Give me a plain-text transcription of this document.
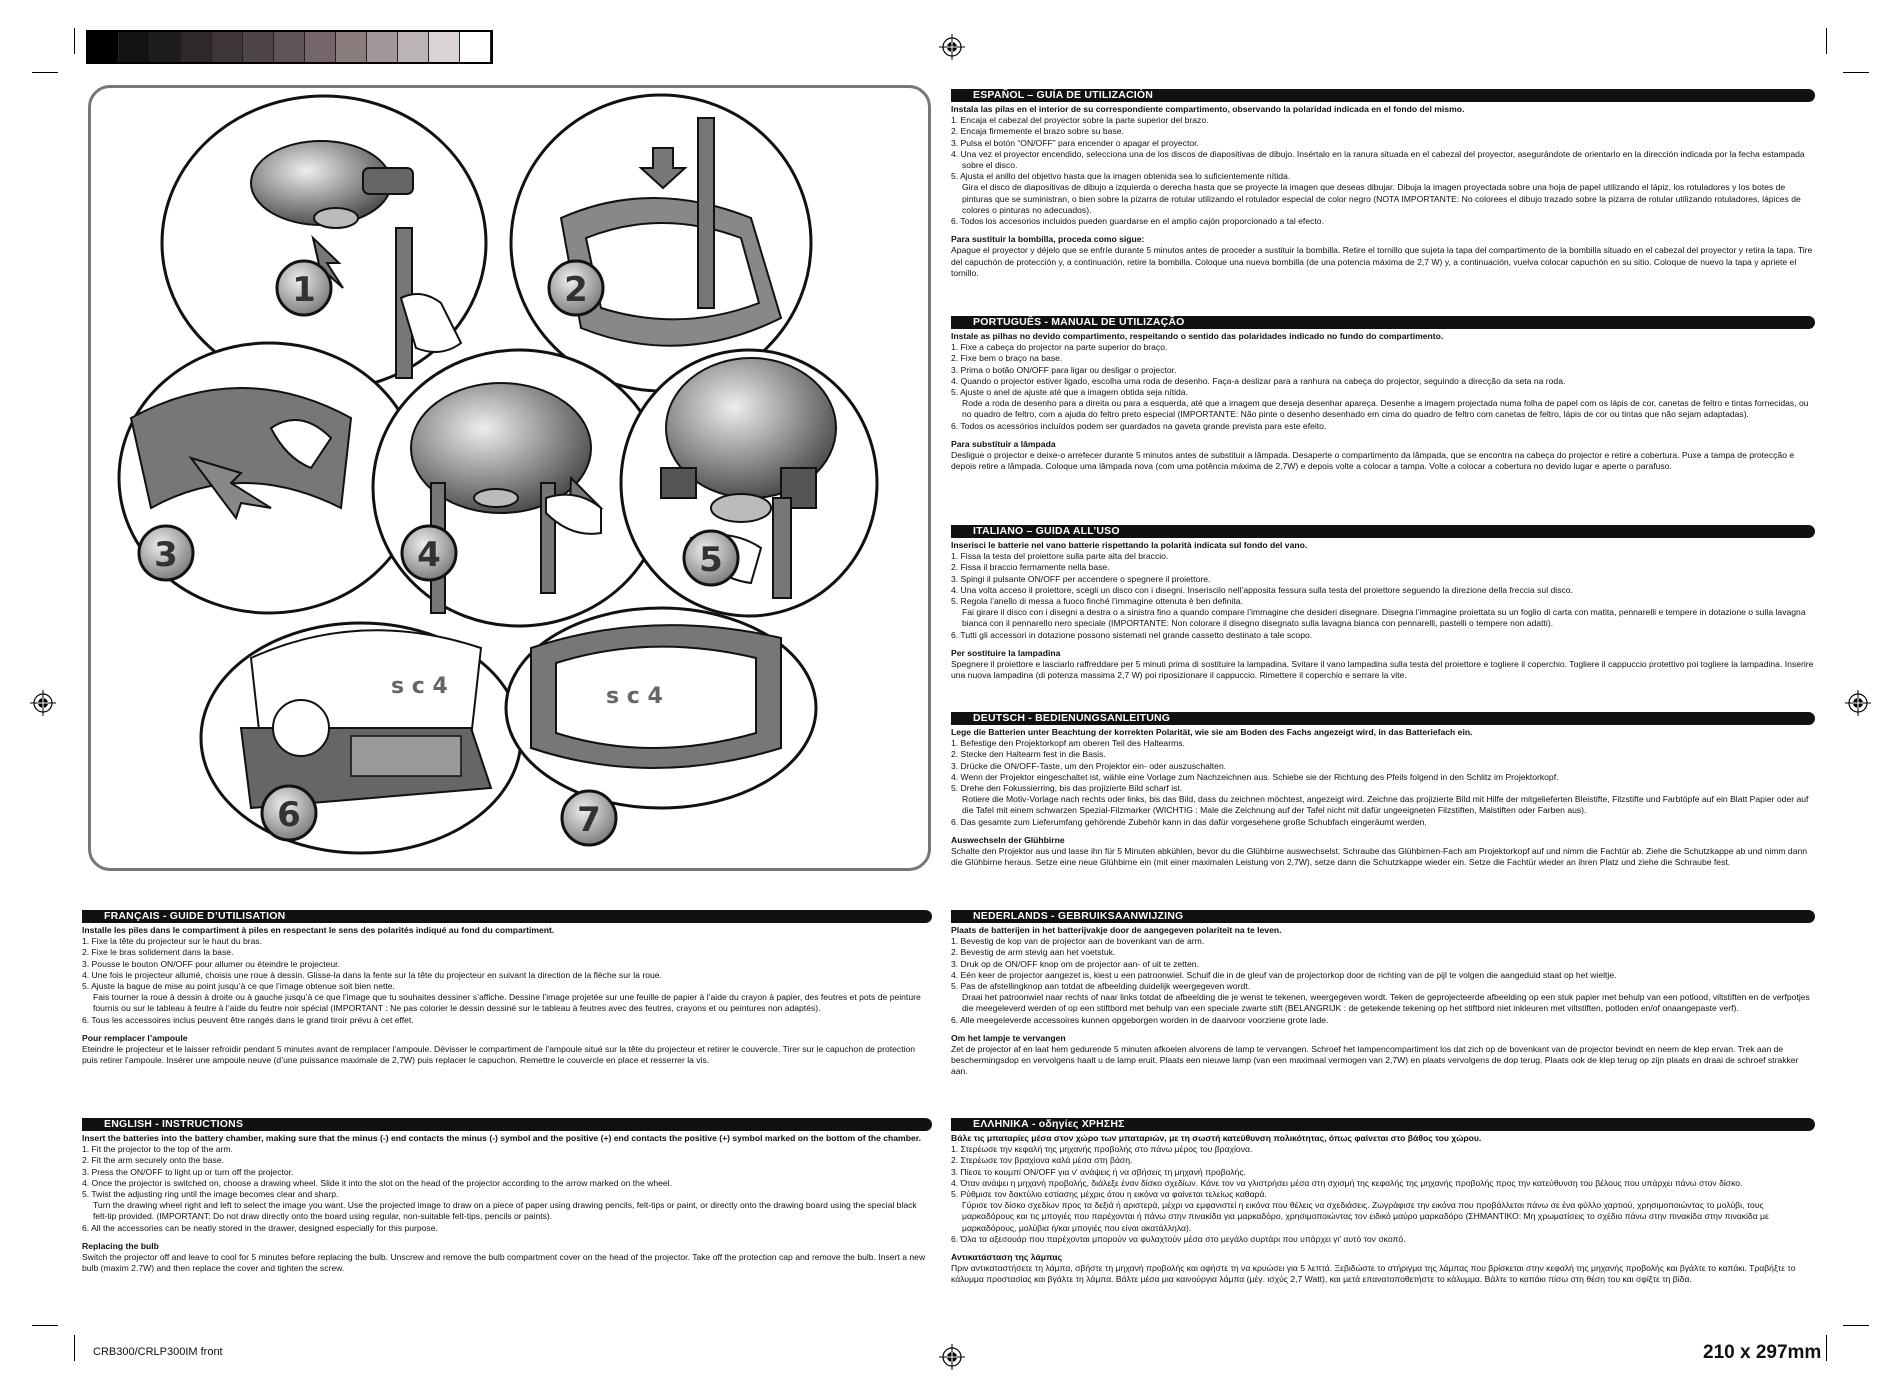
s c 4	s c 4
1	2
3	4	5
6	7
ESPAÑOL – GUÍA DE UTILIZACIÓN
Instala las pilas en el interior de su correspondiente compartimento, observando la polaridad indicada en el fondo del mismo.
1. Encaja el cabezal del proyector sobre la parte superior del brazo.
2. Encaja firmemente el brazo sobre su base.
3. Pulsa el botón “ON/OFF” para encender o apagar el proyector.
4. Una vez el proyector encendido, selecciona una de los discos de diapositivas de dibujo. Insértalo en la ranura situada en el cabezal del proyector, asegurándote de orientarlo en la dirección indicada por la fecha estampada sobre el disco.
5. Ajusta el anillo del objetivo hasta que la imagen obtenida sea lo suficientemente nítida.
Gira el disco de diapositivas de dibujo a izquierda o derecha hasta que se proyecte la imagen que deseas dibujar. Dibuja la imagen proyectada sobre una hoja de papel utilizando el lápiz, los rotuladores y los botes de pinturas que se suministran, o bien sobre la pizarra de rotular utilizando el rotulador especial de color negro (NOTA IMPORTANTE: No colorees el dibujo trazado sobre la pizarra de rotular utilizando rotuladores, lápices de colores o pinturas no adecuados).
6. Todos los accesorios incluidos pueden guardarse en el amplio cajón proporcionado a tal efecto.
Para sustituir la bombilla, proceda como sigue:
Apague el proyector y déjelo que se enfríe durante 5 minutos antes de proceder a sustituir la bombilla. Retire el tornillo que sujeta la tapa del compartimento de la bombilla situado en el cabezal del proyector y retira la tapa. Tire del capuchón de protección y, a continuación, retire la bombilla. Coloque una nueva bombilla (de una potencia máxima de 2,7 W) y, a continuación, vuelva colocar capuchón en su sitio. Coloque de nuevo la tapa y apriete el tornillo.
PORTUGUÊS - MANUAL DE UTILIZAÇÃO
Instale as pilhas no devido compartimento, respeitando o sentido das polaridades indicado no fundo do compartimento.
1. Fixe a cabeça do projector na parte superior do braço.
2. Fixe bem o braço na base.
3. Prima o botão ON/OFF para ligar ou desligar o projector.
4. Quando o projector estiver ligado, escolha uma roda de desenho. Faça-a deslizar para a ranhura na cabeça do projector, seguindo a direcção da seta na roda.
5. Ajuste o anel de ajuste até que a imagem obtida seja nítida.
Rode a roda de desenho para a direita ou para a esquerda, até que a imagem que deseja desenhar apareça. Desenhe a imagem projectada numa folha de papel com os lápis de cor, canetas de feltro e tintas fornecidas, ou no quadro de feltro, com a ajuda do feltro preto especial (IMPORTANTE: Não pinte o desenho desenhado em cima do quadro de feltro com canetas de feltro, lápis de cor ou tintas que não sejam adaptadas).
6. Todos os acessórios incluídos podem ser guardados na gaveta grande prevista para este efeito.
Para substituir a lâmpada
Desligue o projector e deixe-o arrefecer durante 5 minutos antes de substituir a lâmpada. Desaperte o compartimento da lâmpada, que se encontra na cabeça do projector e retire a cobertura. Puxe a tampa de protecção e depois retire a lâmpada. Coloque uma lâmpada nova (com uma potência máxima de 2,7W) e depois volte a colocar a tampa. Volte a colocar a cobertura no devido lugar e aperte o parafuso.
ITALIANO – GUIDA ALL’USO
Inserisci le batterie nel vano batterie rispettando la polarità indicata sul fondo del vano.
1. Fissa la testa del proiettore sulla parte alta del braccio.
2. Fissa il braccio fermamente nella base.
3. Spingi il pulsante ON/OFF per accendere o spegnere il proiettore.
4. Una volta acceso il proiettore, scegli un disco con i disegni. Inseriscilo nell’apposita fessura sulla testa del proiettore seguendo la direzione della freccia sul disco.
5. Regola l’anello di messa a fuoco finché l’immagine ottenuta è ben definita.
Fai girare il disco con i disegni a destra o a sinistra fino a quando compare l’immagine che desideri disegnare. Disegna l’immagine proiettata su un foglio di carta con matita, pennarelli e tempere in dotazione o sulla lavagna bianca con il pennarello nero speciale (IMPORTANTE: Non colorare il disegno disegnato sulla lavagna bianca con pennarelli, pastelli o tempere non adatti).
6. Tutti gli accessori in dotazione possono sistemati nel grande cassetto destinato a tale scopo.
Per sostituire la lampadina
Spegnere il proiettore e lasciarlo raffreddare per 5 minuti prima di sostituire la lampadina. Svitare il vano lampadina sulla testa del proiettore e togliere il coperchio. Togliere il cappuccio protettivo poi togliere la lampadina. Inserire una nuova lampadina (di potenza massima 2,7 W) poi riposizionare il cappuccio. Rimettere il coperchio e serrare la vite.
DEUTSCH - BEDIENUNGSANLEITUNG
Lege die Batterien unter Beachtung der korrekten Polarität, wie sie am Boden des Fachs angezeigt wird, in das Batteriefach ein.
1. Befestige den Projektorkopf am oberen Teil des Haltearms.
2. Stecke den Haltearm fest in die Basis.
3. Drücke die ON/OFF-Taste, um den Projektor ein- oder auszuschalten.
4. Wenn der Projektor eingeschaltet ist, wähle eine Vorlage zum Nachzeichnen aus. Schiebe sie der Richtung des Pfeils folgend in den Schlitz im Projektorkopf.
5. Drehe den Fokussierring, bis das projizierte Bild scharf ist.
Rotiere die Motiv-Vorlage nach rechts oder links, bis das Bild, dass du zeichnen möchtest, angezeigt wird. Zeichne das projizierte Bild mit Hilfe der mitgelieferten Bleistifte, Filzstifte und Farbtöpfe auf ein Blatt Papier oder auf die Tafel mit einem schwarzen Spezial-Filzmarker (WICHTIG : Male die Zeichnung auf der Tafel nicht mit dafür ungeeigneten Filzstiften, Malstiften oder Farben aus).
6. Das gesamte zum Lieferumfang gehörende Zubehör kann in das dafür vorgesehene große Schubfach eingeräumt werden.
Auswechseln der Glühbirne
Schalte den Projektor aus und lasse ihn für 5 Minuten abkühlen, bevor du die Glühbirne auswechselst. Schraube das Glühbirnen-Fach am Projektorkopf auf und nimm die Fachtür ab. Ziehe die Schutzkappe ab und nimm dann die Glühbirne heraus. Setze eine neue Glühbirne ein (mit einer maximalen Leistung von 2,7W), setze dann die Schutzkappe wieder ein. Setze die Fachtür wieder an ihren Platz und ziehe die Schraube fest.
FRANÇAIS - GUIDE D’UTILISATION
Installe les piles dans le compartiment à piles en respectant le sens des polarités indiqué au fond du compartiment.
1. Fixe la tête du projecteur sur le haut du bras.
2. Fixe le bras solidement dans la base.
3. Pousse le bouton ON/OFF pour allumer ou éteindre le projecteur.
4. Une fois le projecteur allumé, choisis une roue à dessin. Glisse-la dans la fente sur la tête du projecteur en suivant la direction de la flèche sur la roue.
5. Ajuste la bague de mise au point jusqu’à ce que l’image obtenue soit bien nette.
Fais tourner la roue à dessin à droite ou à gauche jusqu’à ce que l’image que tu souhaites dessiner s’affiche. Dessine l’image projetée sur une feuille de papier à l’aide du crayon à papier, des feutres et pots de peinture fournis ou sur le tableau à feutre à l’aide du feutre noir spécial (IMPORTANT : Ne pas colorier le dessin dessiné sur le tableau à feutres avec des feutres, crayons et ou peintures non adaptés).
6. Tous les accessoires inclus peuvent être rangés dans le grand tiroir prévu à cet effet.
Pour remplacer l’ampoule
Eteindre le projecteur et le laisser refroidir pendant 5 minutes avant de remplacer l’ampoule. Dévisser le compartiment de l’ampoule situé sur la tête du projecteur et retirer le couvercle. Tirer sur le capuchon de protection puis retirer l’ampoule. Insérer une ampoule neuve (d’une puissance maximale de 2,7W) puis replacer le capuchon. Remettre le couvercle en place et resserrer la vis.
NEDERLANDS - GEBRUIKSAANWIJZING
Plaats de batterijen in het batterijvakje door de aangegeven polariteit na te leven.
1. Bevestig de kop van de projector aan de bovenkant van de arm.
2. Bevestig de arm stevig aan het voetstuk.
3. Druk op de ON/OFF knop om de projector aan- of uit te zetten.
4. Eén keer de projector aangezet is, kiest u een patroonwiel. Schuif die in de gleuf van de projectorkop door de richting van de pijl te volgen die aangeduid staat op het wieltje.
5. Pas de afstellingknop aan totdat de afbeelding duidelijk weergegeven wordt.
Draai het patroonwiel naar rechts of naar links totdat de afbeelding die je wenst te tekenen, weergegeven wordt. Teken de geprojecteerde afbeelding op een stuk papier met behulp van een potlood, viltstiften en de verfpotjes die meegeleverd werden of op een stiftbord met behulp van een speciale zwarte stift (BELANGRIJK : de getekende tekening op het stiftbord niet inkleuren met viltstiften, potloden en/of onaangepaste verf).
6. Alle meegeleverde accessoires kunnen opgeborgen worden in de daarvoor voorziene grote lade.
Om het lampje te vervangen
Zet de projector af en laat hem gedurende 5 minuten afkoelen alvorens de lamp te vervangen. Schroef het lampencompartiment los dat zich op de bovenkant van de projector bevindt en neem de klep ervan. Trek aan de beschermingsdop en vervolgens haalt u de lamp eruit. Plaats een nieuwe lamp (van een maximaal vermogen van 2,7W) en plaats vervolgens de dop terug. Plaats ook de klep terug op zijn plaats en draai de schroef strakker aan.
ENGLISH - INSTRUCTIONS
Insert the batteries into the battery chamber, making sure that the minus (-) end contacts the minus (-) symbol and the positive (+) end contacts the positive (+) symbol marked on the bottom of the chamber.
1. Fit the projector to the top of the arm.
2. Fit the arm securely onto the base.
3. Press the ON/OFF to light up or turn off the projector.
4. Once the projector is switched on, choose a drawing wheel. Slide it into the slot on the head of the projector according to the arrow marked on the wheel.
5. Twist the adjusting ring until the image becomes clear and sharp.
Turn the drawing wheel right and left to select the image you want. Use the projected image to draw on a piece of paper using drawing pencils, felt-tips or paint, or directly onto the drawing board using the special black felt-tip provided. (IMPORTANT: Do not draw directly onto the board using regular, non-suitable felt-tips, pencils or paints).
6. All the accessories can be neatly stored in the drawer, designed especially for this purpose.
Replacing the bulb
Switch the projector off and leave to cool for 5 minutes before replacing the bulb. Unscrew and remove the bulb compartment cover on the head of the projector. Take off the protection cap and remove the bulb. Insert a new bulb (maxim 2.7W) and then replace the cover and tighten the screw.
ΕΛΛΗΝΙΚΑ - οδηγίες ΧΡΗΣΗΣ
Βάλε τις μπαταρίες μέσα στον χώρο των μπαταριών, με τη σωστή κατεύθυνση πολικότητας, όπως φαίνεται στο βάθος του χώρου.
1. Στερέωσε την κεφαλή της μηχανής προβολής στο πάνω μέρος του βραχίονα.
2. Στερέωσε τον βραχίονα καλά μέσα στη βάση.
3. Πίεσε το κουμπί ON/OFF για ν' ανάψεις ή να σβήσεις τη μηχανή προβολής.
4. Όταν ανάψει η μηχανή προβολής, διάλεξε έναν δίσκο σχεδίων. Κάνε τον να γλιστρήσει μέσα στη σχισμή της κεφαλής της μηχανής προβολής προς την κατεύθυνση του βέλους που υπάρχει πάνω στον δίσκο.
5. Ρύθμισε τον δακτύλιο εστίασης μέχρις ότου η εικόνα να φαίνεται τελείως καθαρά.
Γύρισε τον δίσκο σχεδίων προς τα δεξιά ή αριστερά, μέχρι να εμφανιστεί η εικόνα που θέλεις να σχεδιάσεις. Ζωγράφισε την εικόνα που προβάλλεται πάνω σε ένα φύλλο χαρτιού, χρησιμοποιώντας το μολύβι, τους μαρκαδόρους και τις μπογιές που παρέχονται ή πάνω στην πινακίδα για μαρκαδόρο, χρησιμοποιώντας τον ειδικό μαύρο μαρκαδόρο (ΣΗΜΑΝΤΙΚΟ: Μη χρωματίσεις το σχέδιο πάνω στην πινακίδα στην πινακίδα με μαρκαδόρους, μολύβια ή/και μπογιές που είναι ακατάλληλα).
6. Όλα τα αξεσουάρ που παρέχονται μπορούν να φυλαχτούν μέσα στο μεγάλο συρτάρι που υπάρχει γι' αυτό τον σκοπό.
Αντικατάσταση της λάμπας
Πριν αντικαταστήσετε τη λάμπα, σβήστε τη μηχανή προβολής και αφήστε τη να κρυώσει για 5 λεπτά. Ξεβιδώστε το στήριγμα της λάμπας που βρίσκεται στην κεφαλή της μηχανής προβολής και βγάλτε το καπάκι. Τραβήξτε το κάλυμμα προστασίας και βγάλτε τη λάμπα. Βάλτε μέσα μια καινούργια λάμπα (μέγ. ισχύς 2,7 Watt), και μετά επανατοποθετήστε το κάλυμμα. Βάλτε το καπάκι πίσω στη θέση του και σφίξτε τη βίδα.
CRB300/CRLP300IM front	210 x 297mm
